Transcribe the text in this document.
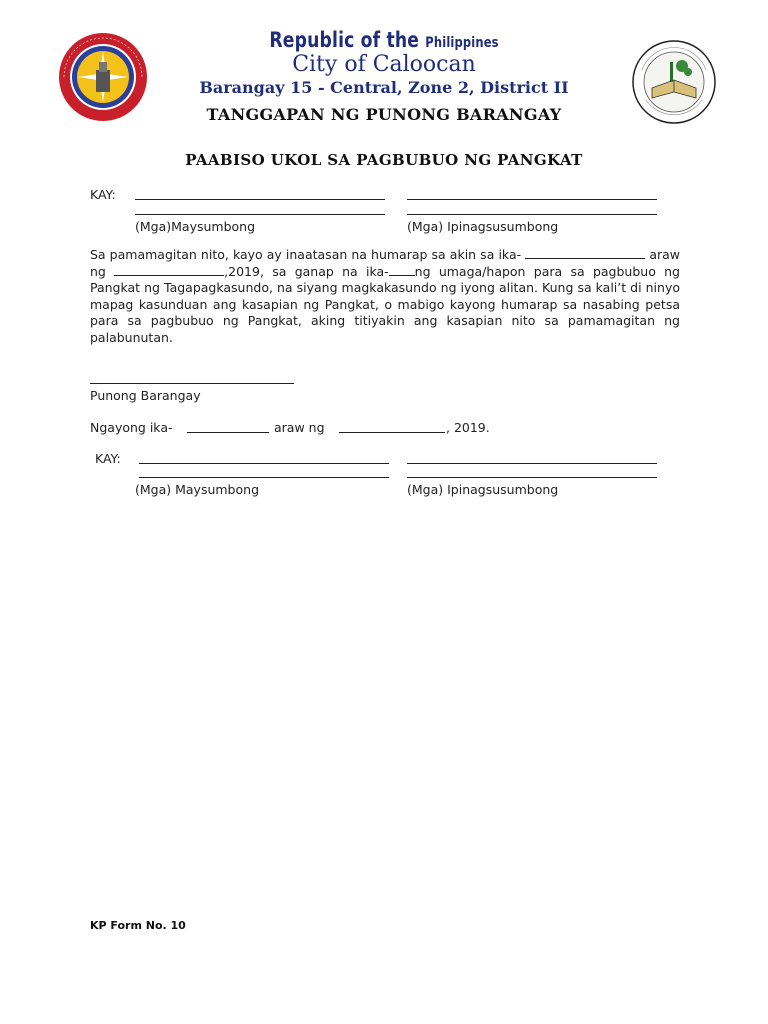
Republic of the Philippines
City of Caloocan
Barangay 15 - Central, Zone 2, District II
TANGGAPAN NG PUNONG BARANGAY
PAABISO UKOL SA PAGBUBUO NG PANGKAT
KAY:
(Mga)Maysumbong	(Mga) Ipinagsusumbong
Sa pamamagitan nito, kayo ay inaatasan na humarap sa akin sa ika-	araw ng	,2019, sa ganap na ika- ng umaga/hapon para sa pagbubuo ng Pangkat ng Tagapagkasundo, na siyang magkakasundo ng iyong alitan. Kung sa kali’t di ninyo mapag kasunduan ang kasapian ng Pangkat, o mabigo kayong humarap sa nasabing petsa para sa pagbubuo ng Pangkat, aking titiyakin ang kasapian nito sa pamamagitan ng palabunutan.
Punong Barangay
Ngayong ika-	araw ng	, 2019.
KAY:
(Mga) Maysumbong	(Mga) Ipinagsusumbong
KP Form No. 10
